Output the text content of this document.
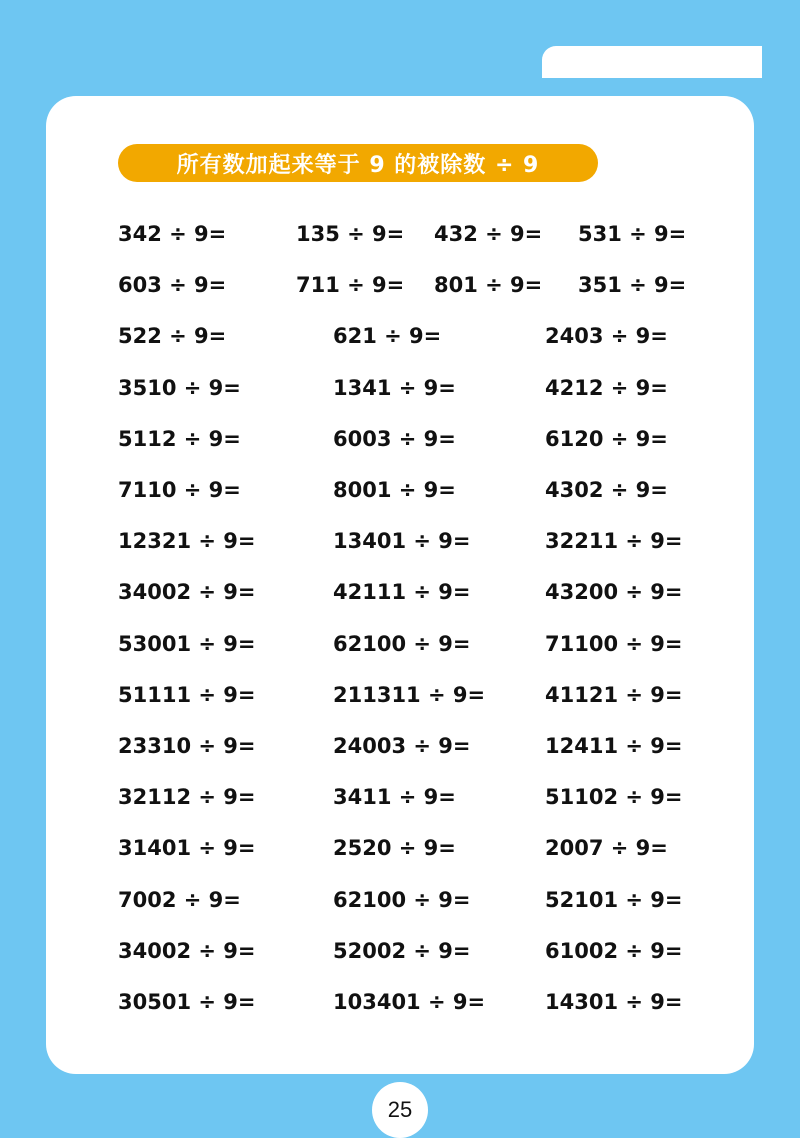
所有数加起来等于 9 的被除数 ÷ 9
342 ÷ 9=	135 ÷ 9= 432 ÷ 9= 531 ÷ 9=
603 ÷ 9=	711 ÷ 9= 801 ÷ 9= 351 ÷ 9=
522 ÷ 9=	621 ÷ 9=	2403 ÷ 9=
3510 ÷ 9=	1341 ÷ 9=	4212 ÷ 9=
5112 ÷ 9=	6003 ÷ 9=	6120 ÷ 9=
7110 ÷ 9=	8001 ÷ 9=	4302 ÷ 9=
12321 ÷ 9=	13401 ÷ 9=	32211 ÷ 9=
34002 ÷ 9=	42111 ÷ 9=	43200 ÷ 9=
53001 ÷ 9=	62100 ÷ 9=	71100 ÷ 9=
51111 ÷ 9=	211311 ÷ 9=	41121 ÷ 9=
23310 ÷ 9=	24003 ÷ 9=	12411 ÷ 9=
32112 ÷ 9=	3411 ÷ 9=	51102 ÷ 9=
31401 ÷ 9=	2520 ÷ 9=	2007 ÷ 9=
7002 ÷ 9=	62100 ÷ 9=	52101 ÷ 9=
34002 ÷ 9=	52002 ÷ 9=	61002 ÷ 9=
30501 ÷ 9=	103401 ÷ 9=	14301 ÷ 9=
25
